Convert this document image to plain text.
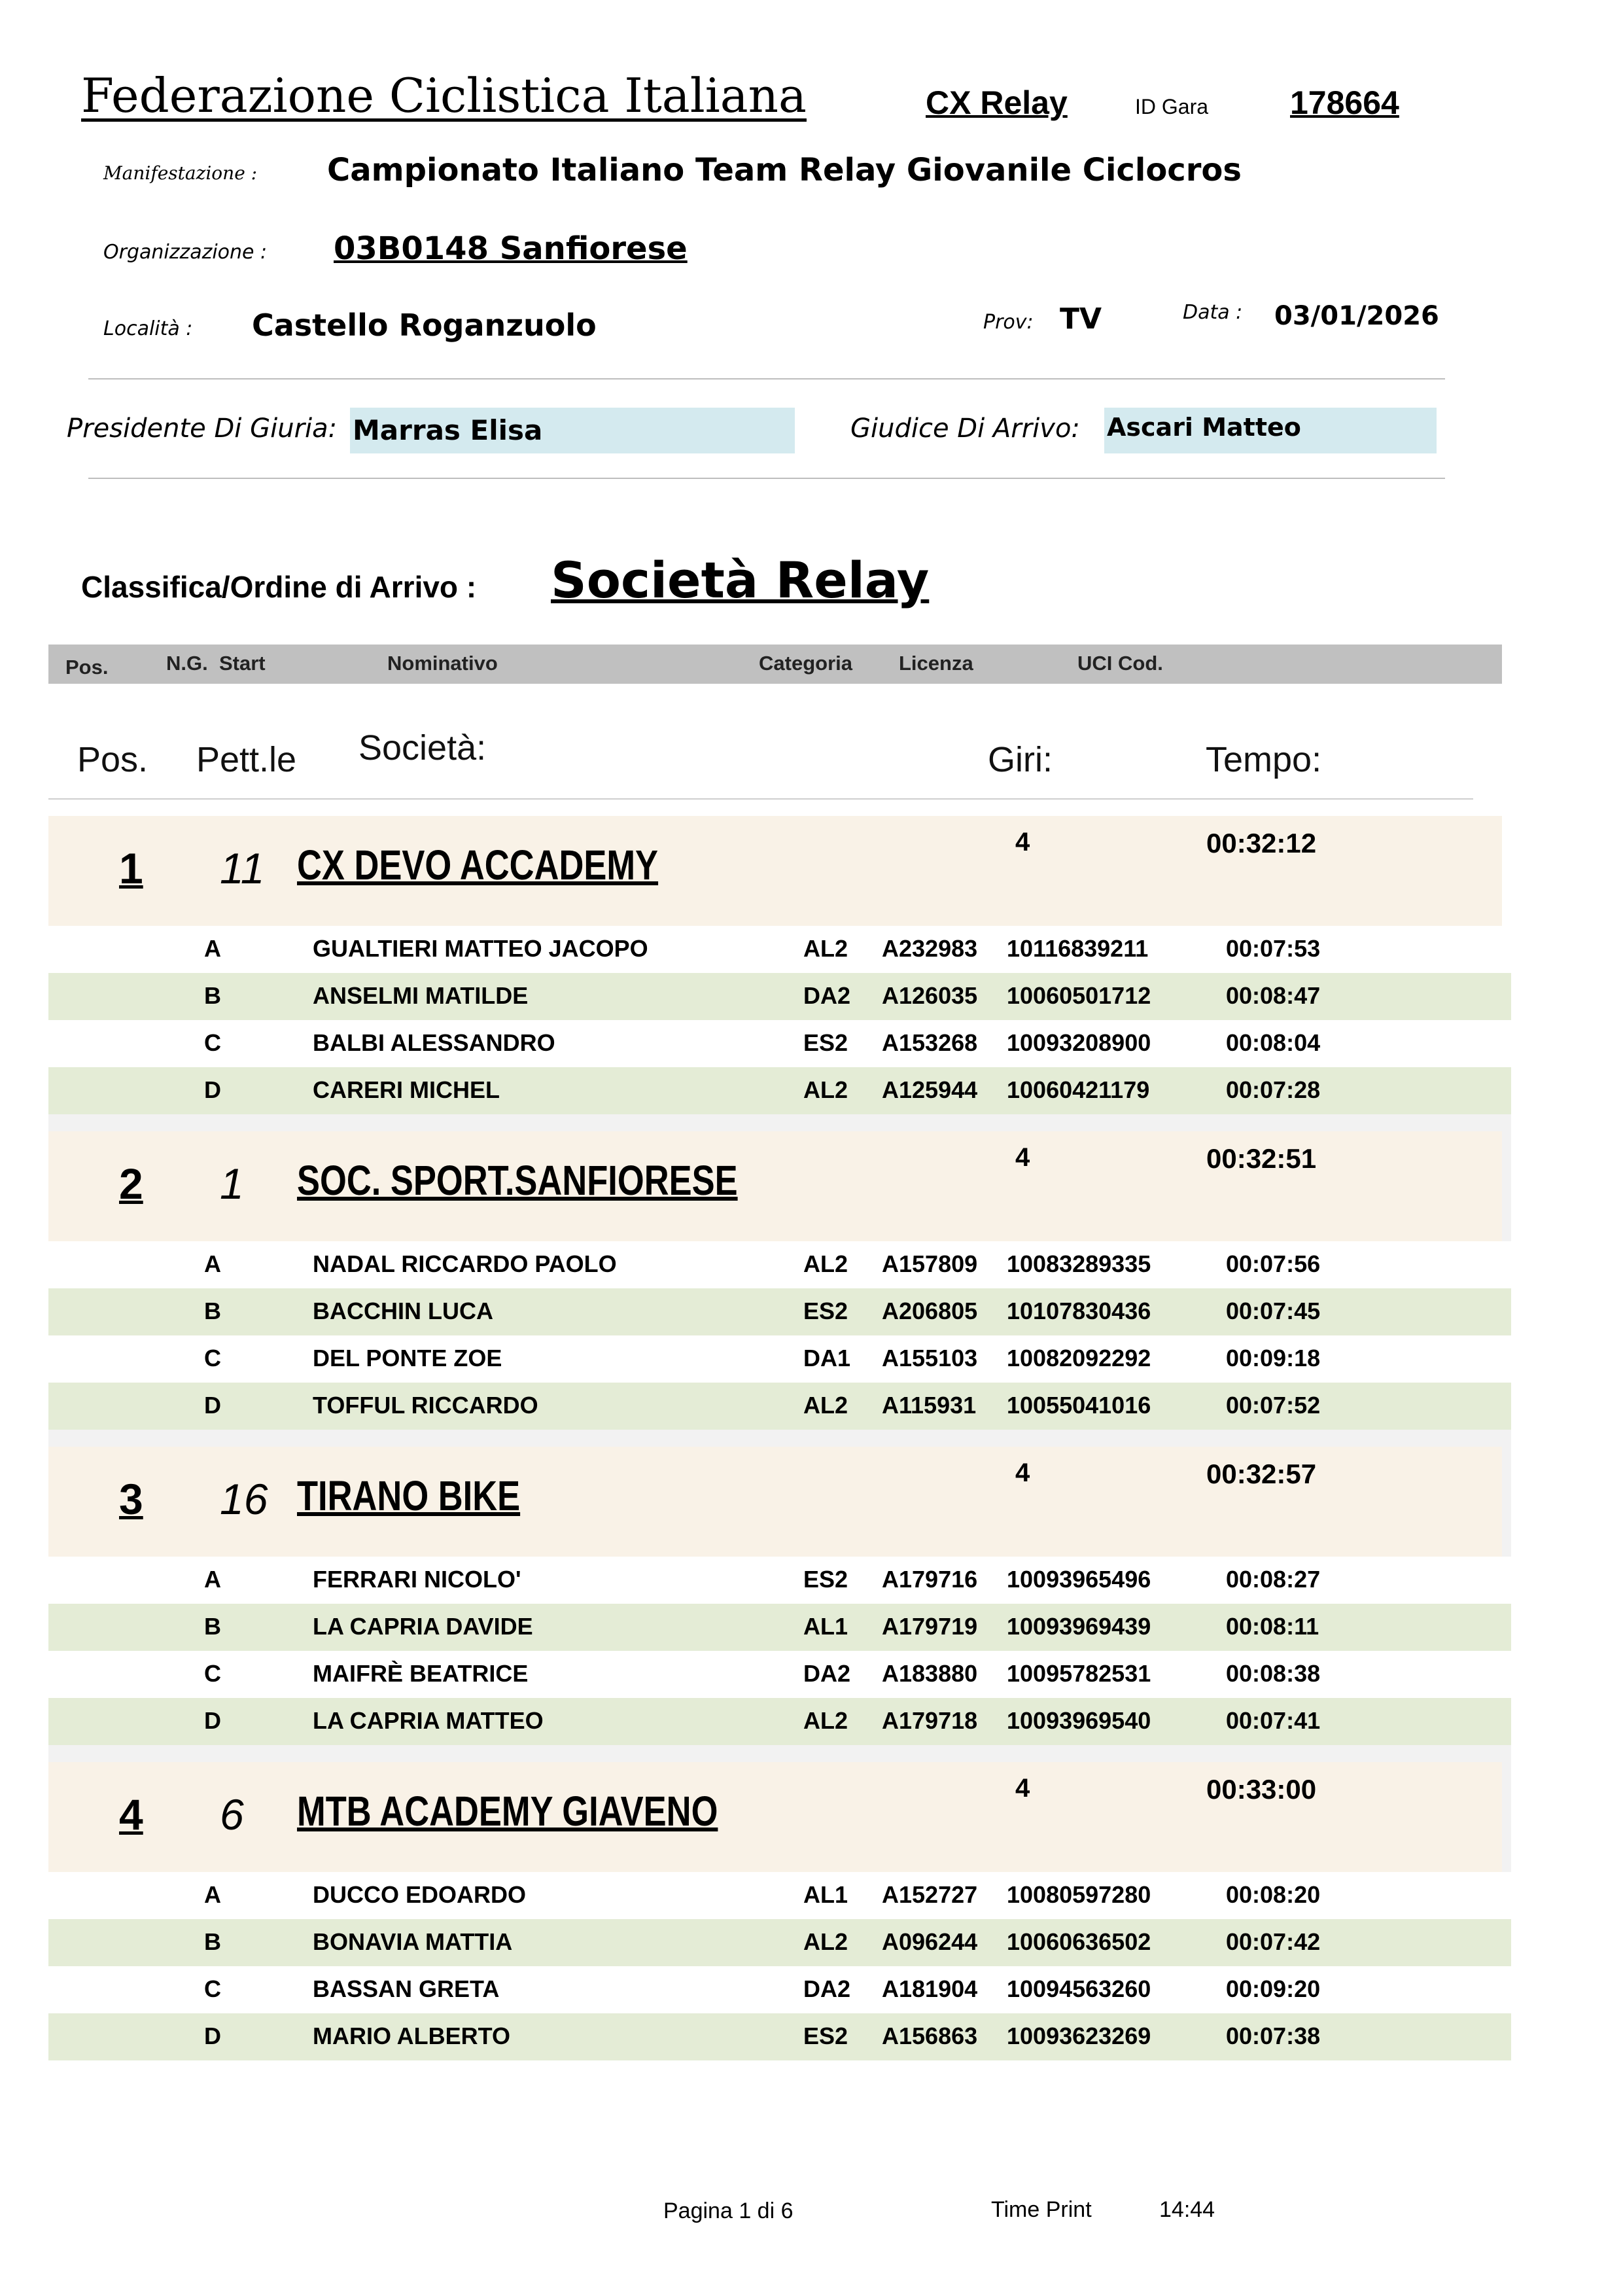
Federazione Ciclistica Italiana	CX Relay	ID Gara 178664
Manifestazione : Campionato Italiano Team Relay Giovanile Ciclocros
Organizzazione : 03B0148 Sanfiorese
Località : Castello Roganzuolo	Prov: TV	Data : 03/01/2026
Presidente Di Giuria: Marras Elisa	Giudice Di Arrivo: Ascari Matteo
Classifica/Ordine di Arrivo : Società Relay
Pos.	N.G.  Start	Nominativo	Categoria Licenza	UCI Cod.
Pos. Pett.le Società:	Giri:	Tempo:
1 11 CX DEVO ACCADEMY	4	00:32:12
A	GUALTIERI MATTEO JACOPO	AL2 A232983 10116839211	00:07:53
B	ANSELMI MATILDE	DA2 A126035 10060501712	00:08:47
C	BALBI ALESSANDRO	ES2 A153268 10093208900	00:08:04
D	CARERI MICHEL	AL2 A125944 10060421179	00:07:28
2 1 SOC. SPORT.SANFIORESE	4	00:32:51
A	NADAL RICCARDO PAOLO	AL2 A157809 10083289335	00:07:56
B	BACCHIN LUCA	ES2 A206805 10107830436	00:07:45
C	DEL PONTE ZOE	DA1 A155103 10082092292	00:09:18
D	TOFFUL RICCARDO	AL2 A115931 10055041016	00:07:52
3 16 TIRANO BIKE	4	00:32:57
A	FERRARI NICOLO'	ES2 A179716 10093965496	00:08:27
B	LA CAPRIA DAVIDE	AL1 A179719 10093969439	00:08:11
C	MAIFRÈ BEATRICE	DA2 A183880 10095782531	00:08:38
D	LA CAPRIA MATTEO	AL2 A179718 10093969540	00:07:41
4 6 MTB ACADEMY GIAVENO	4	00:33:00
A	DUCCO EDOARDO	AL1 A152727 10080597280	00:08:20
B	BONAVIA MATTIA	AL2 A096244 10060636502	00:07:42
C	BASSAN GRETA	DA2 A181904 10094563260	00:09:20
D	MARIO ALBERTO	ES2 A156863 10093623269	00:07:38
Pagina 1 di 6	Time Print	14:44
